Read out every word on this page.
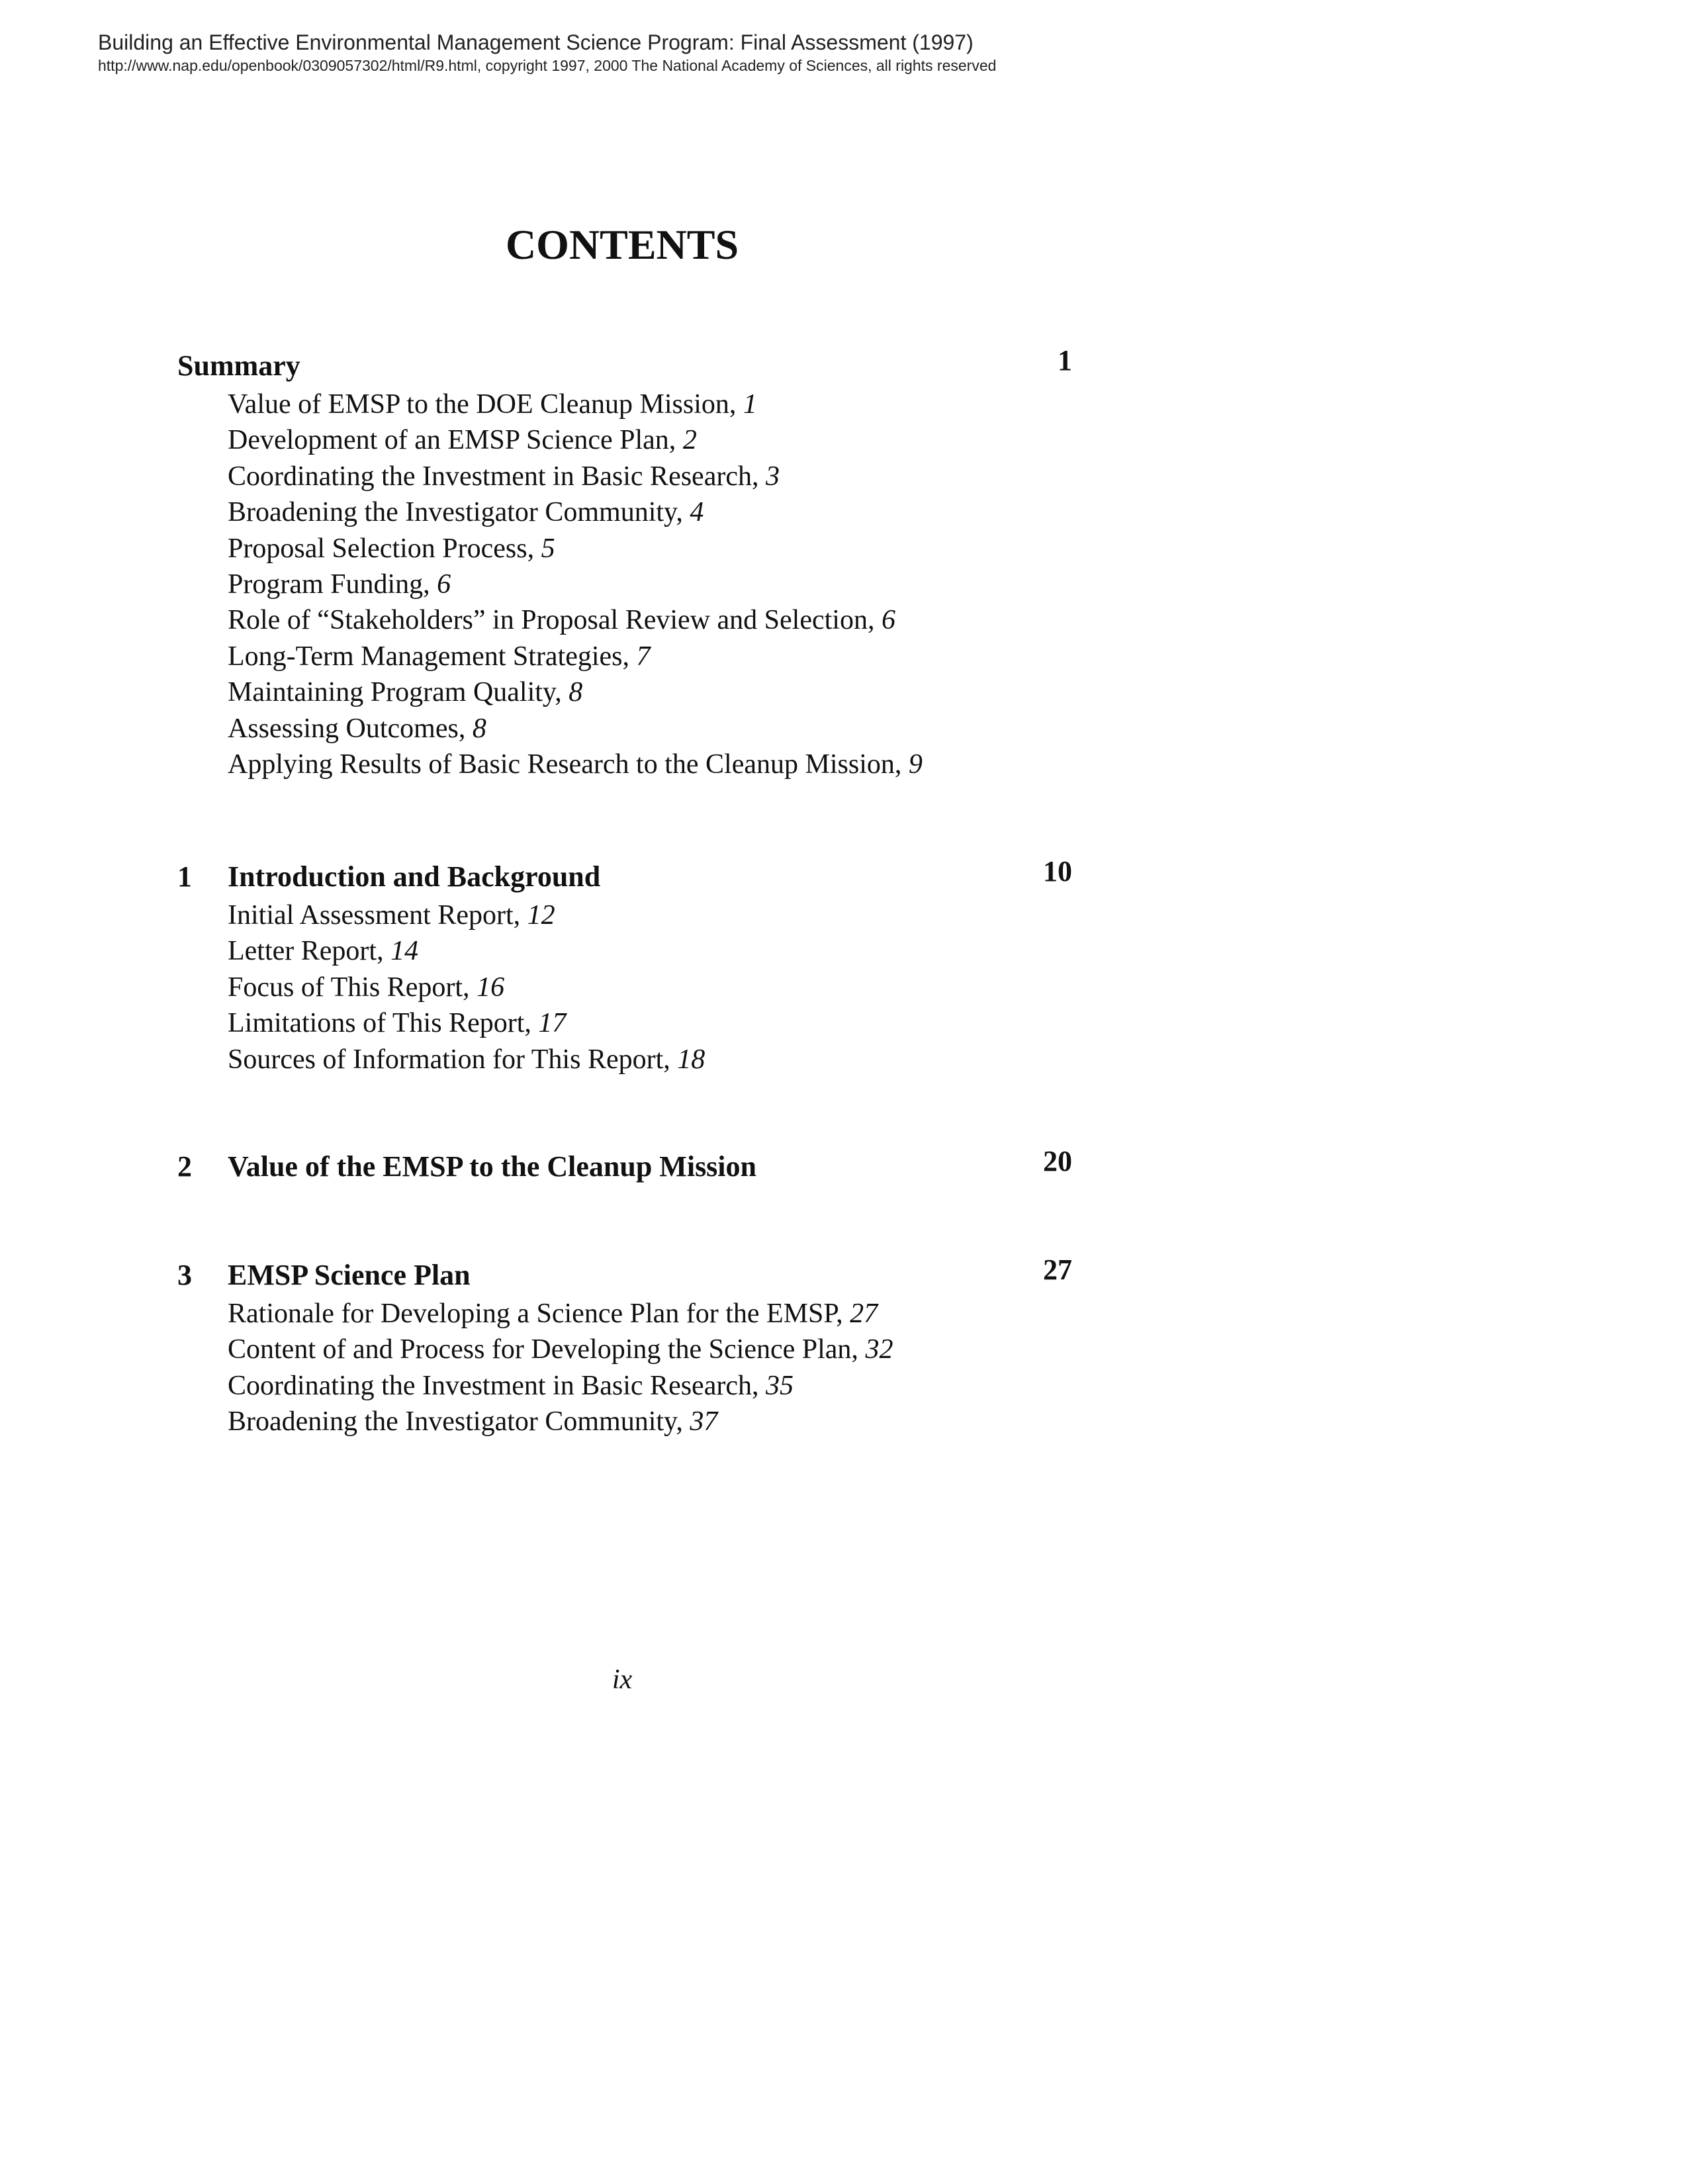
Building an Effective Environmental Management Science Program: Final Assessment (1997)

http://www.nap.edu/openbook/0309057302/html/R9.html, copyright 1997, 2000 The National Academy of Sciences, all rights reserved

CONTENTS
Summary	1
Value of EMSP to the DOE Cleanup Mission, 1
Development of an EMSP Science Plan, 2
Coordinating the Investment in Basic Research, 3
Broadening the Investigator Community, 4
Proposal Selection Process, 5
Program Funding, 6
Role of “Stakeholders” in Proposal Review and Selection, 6
Long-Term Management Strategies, 7
Maintaining Program Quality, 8
Assessing Outcomes, 8
Applying Results of Basic Research to the Cleanup Mission, 9
1 Introduction and Background	10
Initial Assessment Report, 12
Letter Report, 14
Focus of This Report, 16
Limitations of This Report, 17
Sources of Information for This Report, 18
2 Value of the EMSP to the Cleanup Mission	20
3 EMSP Science Plan	27
Rationale for Developing a Science Plan for the EMSP, 27
Content of and Process for Developing the Science Plan, 32
Coordinating the Investment in Basic Research, 35
Broadening the Investigator Community, 37
ix
